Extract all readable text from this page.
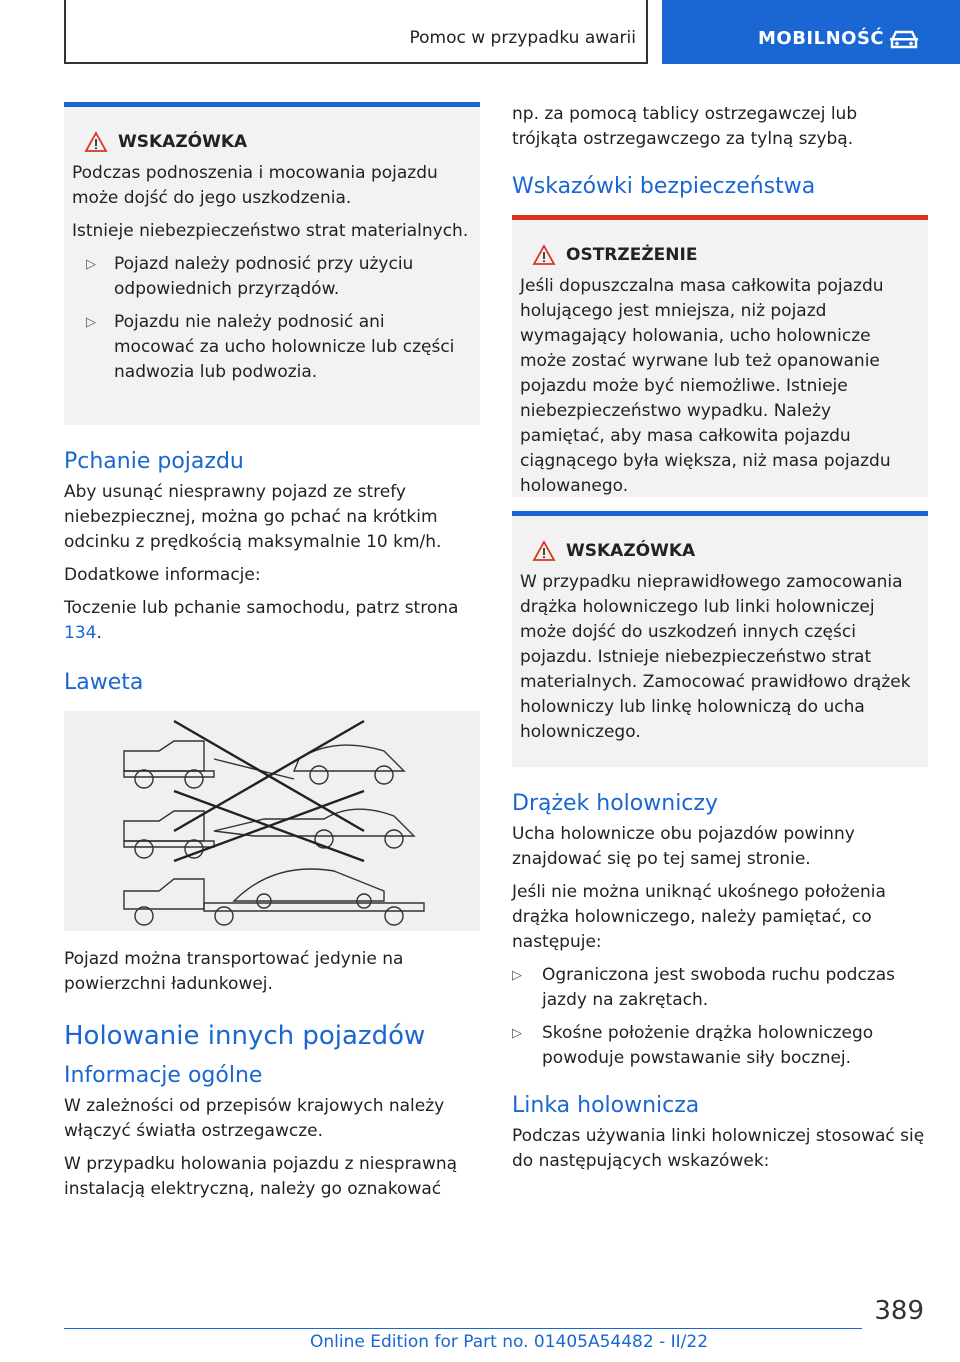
Pomoc w przypadku awarii	MOBILNOŚĆ
WSKAZÓWKA

Podczas podnoszenia i mocowania pojazdu może dojść do jego uszkodzenia.

Istnieje niebezpieczeństwo strat materialnych.

▷	Pojazd należy podnosić przy użyciu odpowiednich przyrządów.
▷	Pojazdu nie należy podnosić ani mocować za ucho holownicze lub części nadwozia lub podwozia.
Pchanie pojazdu

Aby usunąć niesprawny pojazd ze strefy niebezpiecznej, można go pchać na krótkim odcinku z prędkością maksymalnie 10 km/h.

Dodatkowe informacje:

Toczenie lub pchanie samochodu, patrz strona 134.

Laweta

Pojazd można transportować jedynie na powierzchni ładunkowej.

Holowanie innych pojazdów
Informacje ogólne

W zależności od przepisów krajowych należy włączyć światła ostrzegawcze.

W przypadku holowania pojazdu z niesprawną instalacją elektryczną, należy go oznakować

np. za pomocą tablicy ostrzegawczej lub trójkąta ostrzegawczego za tylną szybą.

Wskazówki bezpieczeństwa
OSTRZEŻENIE

Jeśli dopuszczalna masa całkowita pojazdu holującego jest mniejsza, niż pojazd wymagający holowania, ucho holownicze może zostać wyrwane lub też opanowanie pojazdu może być niemożliwe. Istnieje niebezpieczeństwo wypadku. Należy pamiętać, aby masa całkowita pojazdu ciągnącego była większa, niż masa pojazdu holowanego.

WSKAZÓWKA

W przypadku nieprawidłowego zamocowania drążka holowniczego lub linki holowniczej może dojść do uszkodzeń innych części pojazdu. Istnieje niebezpieczeństwo strat materialnych. Zamocować prawidłowo drążek holowniczy lub linkę holowniczą do ucha holowniczego.

Drążek holowniczy

Ucha holownicze obu pojazdów powinny znajdować się po tej samej stronie.

Jeśli nie można uniknąć ukośnego położenia drążka holowniczego, należy pamiętać, co następuje:

▷	Ograniczona jest swoboda ruchu podczas jazdy na zakrętach.
▷	Skośne położenie drążka holowniczego powoduje powstawanie siły bocznej.
Linka holownicza

Podczas używania linki holowniczej stosować się do następujących wskazówek:

389
Online Edition for Part no. 01405A54482 - II/22
